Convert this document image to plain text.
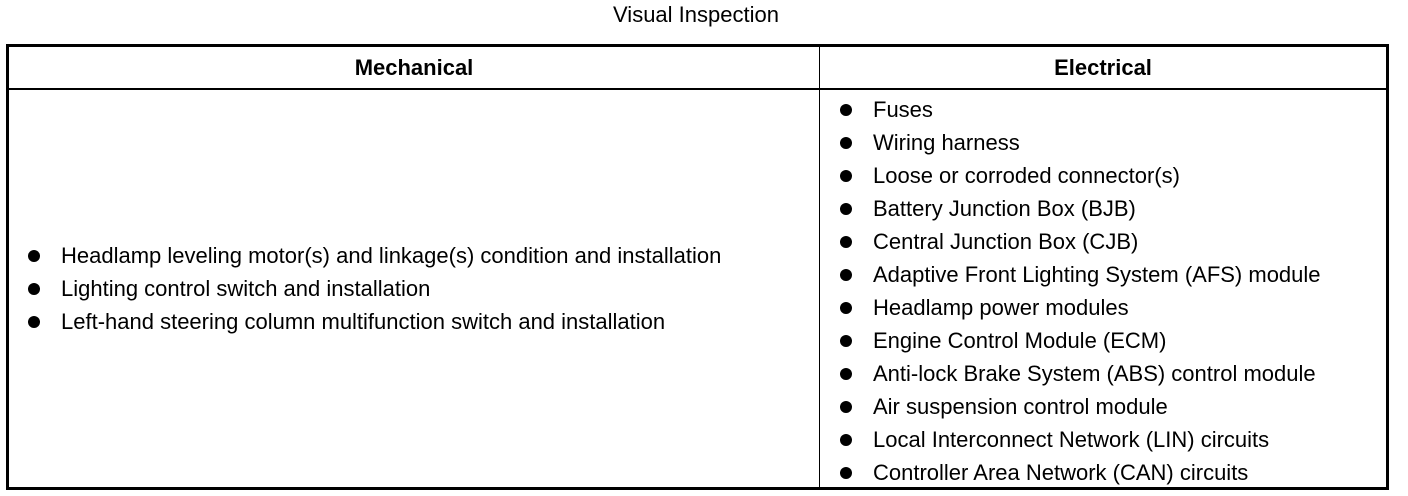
Visual Inspection
Mechanical	Electrical
Headlamp leveling motor(s) and linkage(s) condition and installation
Lighting control switch and installation
Left-hand steering column multifunction switch and installation
Fuses
Wiring harness
Loose or corroded connector(s)
Battery Junction Box (BJB)
Central Junction Box (CJB)
Adaptive Front Lighting System (AFS) module
Headlamp power modules
Engine Control Module (ECM)
Anti-lock Brake System (ABS) control module
Air suspension control module
Local Interconnect Network (LIN) circuits
Controller Area Network (CAN) circuits
